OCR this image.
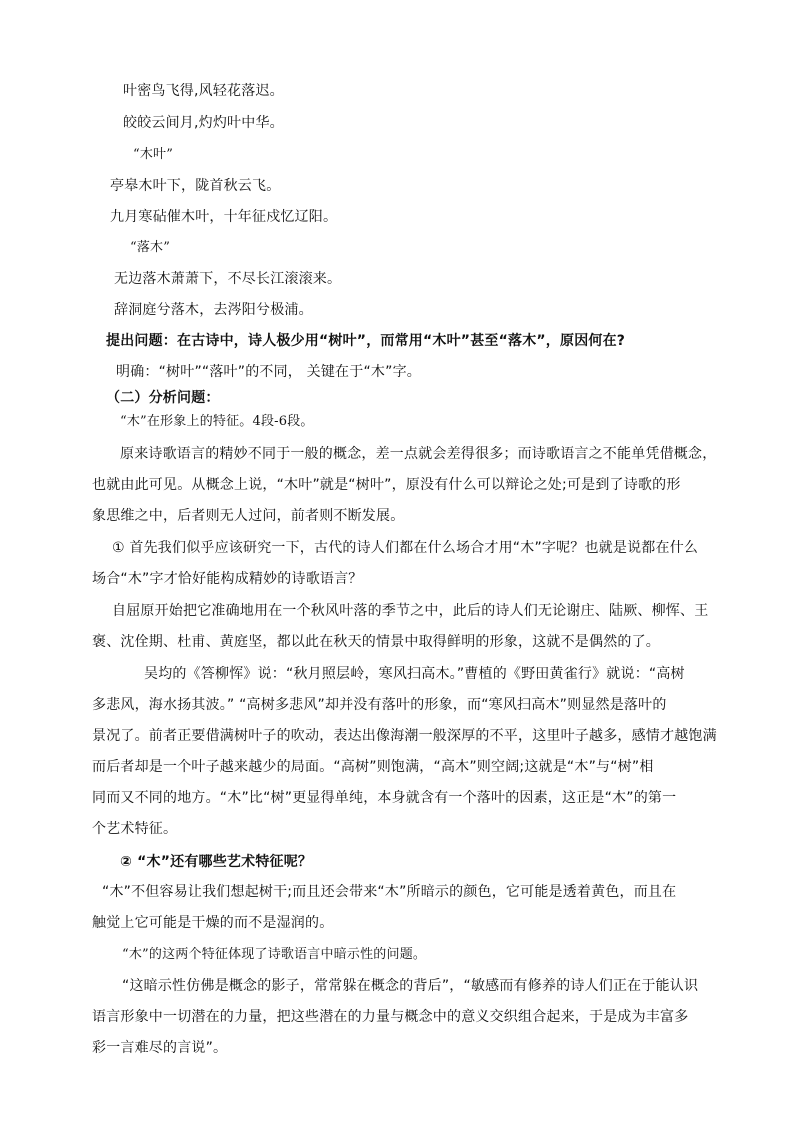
叶密鸟飞得,风轻花落迟。
皎皎云间月,灼灼叶中华。
“木叶”
亭皋木叶下，陇首秋云飞。
九月寒砧催木叶，十年征戍忆辽阳。
“落木”
无边落木萧萧下，不尽长江滚滚来。
辞洞庭兮落木，去涔阳兮极浦。
提出问题：在古诗中，诗人极少用“树叶”，而常用“木叶”甚至“落木”，原因何在?
明确：“树叶”“落叶”的不同， 关键在于“木”字。
（二）分析问题：
“木”在形象上的特征。4段-6段。
原来诗歌语言的精妙不同于一般的概念，差一点就会差得很多；而诗歌语言之不能单凭借概念，
也就由此可见。从概念上说，“木叶”就是“树叶”，原没有什么可以辩论之处;可是到了诗歌的形
象思维之中，后者则无人过问，前者则不断发展。
① 首先我们似乎应该研究一下，古代的诗人们都在什么场合才用“木”字呢？也就是说都在什么
场合“木”字才恰好能构成精妙的诗歌语言？
自屈原开始把它准确地用在一个秋风叶落的季节之中，此后的诗人们无论谢庄、陆厥、柳恽、王
褒、沈佺期、杜甫、黄庭坚，都以此在秋天的情景中取得鲜明的形象，这就不是偶然的了。
吴均的《答柳恽》说：“秋月照层岭，寒风扫高木。”曹植的《野田黄雀行》就说：“高树
多悲风，海水扬其波。” “高树多悲风”却并没有落叶的形象，而“寒风扫高木”则显然是落叶的
景况了。前者正要借满树叶子的吹动，表达出像海潮一般深厚的不平，这里叶子越多，感情才越饱满
而后者却是一个叶子越来越少的局面。“高树”则饱满，“高木”则空阔;这就是“木”与“树”相
同而又不同的地方。“木”比“树”更显得单纯，本身就含有一个落叶的因素，这正是“木”的第一
个艺术特征。
② “木”还有哪些艺术特征呢？
“木”不但容易让我们想起树干;而且还会带来“木”所暗示的颜色，它可能是透着黄色，而且在
触觉上它可能是干燥的而不是湿润的。
“木”的这两个特征体现了诗歌语言中暗示性的问题。
“这暗示性仿佛是概念的影子，常常躲在概念的背后”，“敏感而有修养的诗人们正在于能认识
语言形象中一切潜在的力量，把这些潜在的力量与概念中的意义交织组合起来，于是成为丰富多
彩一言难尽的言说”。
